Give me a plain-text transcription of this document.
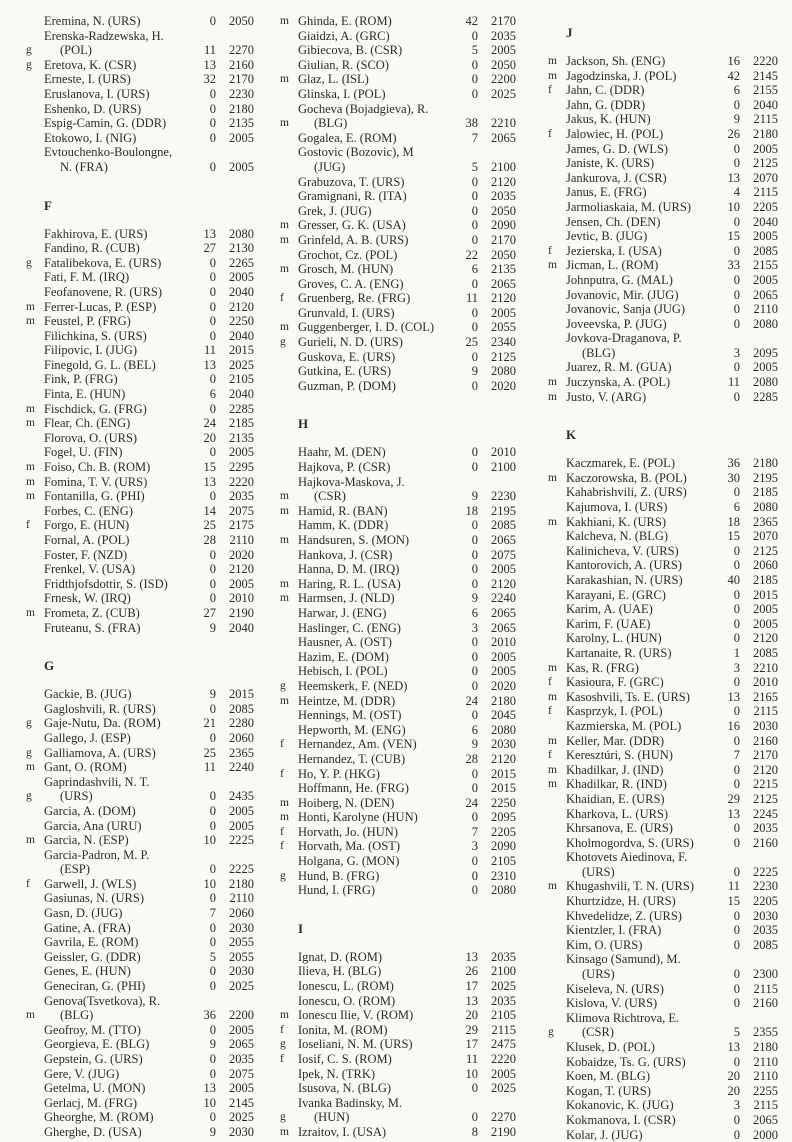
Eremina, N. (URS)	0	2050
g
Erenska-Radzewska, H.
(POL)	11	2270
g Eretova, K. (CSR)	13	2160
Erneste, I. (URS)	32	2170
Eruslanova, I. (URS)	0	2230
Eshenko, D. (URS)	0	2180
Espig-Camin, G. (DDR)	0	2135
Etokowo, I. (NIG)	0	2005
Evtouchenko-Boulongne,
N. (FRA)	0	2005
F
Fakhirova, E. (URS)	13	2080
Fandino, R. (CUB)	27	2130
g Fatalibekova, E. (URS)	0	2265
Fati, F. M. (IRQ)	0	2005
Feofanovene, R. (URS)	0	2040
m Ferrer-Lucas, P. (ESP)	0	2120
m Feustel, P. (FRG)	0	2250
Filichkina, S. (URS)	0	2040
Filipovic, I. (JUG)	11	2015
Finegold, G. L. (BEL)	13	2025
Fink, P. (FRG)	0	2105
Finta, E. (HUN)	6	2040
m Fischdick, G. (FRG)	0	2285
m Flear, Ch. (ENG)	24	2185
Florova, O. (URS)	20	2135
Fogel, U. (FIN)	0	2005
m Foiso, Ch. B. (ROM)	15	2295
m Fomina, T. V. (URS)	13	2220
m Fontanilla, G. (PHI)	0	2035
Forbes, C. (ENG)	14	2075
f	Forgo, E. (HUN)	25	2175
Fornal, A. (POL)	28	2110
Foster, F. (NZD)	0	2020
Frenkel, V. (USA)	0	2120
Fridthjofsdottir, S. (ISD)	0	2005
Frnesk, W. (IRQ)	0	2010
m Frometa, Z. (CUB)	27	2190
Fruteanu, S. (FRA)	9	2040
G
Gackie, B. (JUG)	9	2015
Gagloshvili, R. (URS)	0	2085
g Gaje-Nutu, Da. (ROM)	21	2280
Gallego, J. (ESP)	0	2060
g Galliamova, A. (URS)	25	2365
m Gant, O. (ROM)	11	2240
g
Gaprindashvili, N. T.
(URS)	0	2435
Garcia, A. (DOM)	0	2005
Garcia, Ana (URU)	0	2005
m Garcia, N. (ESP)	10	2225
Garcia-Padron, M. P.
(ESP)	0	2225
f	Garwell, J. (WLS)	10	2180
Gasiunas, N. (URS)	0	2110
Gasn, D. (JUG)	7	2060
Gatine, A. (FRA)	0	2030
Gavrila, E. (ROM)	0	2055
Geissler, G. (DDR)	5	2055
Genes, E. (HUN)	0	2030
Geneciran, G. (PHI)	0	2025
m
Genova(Tsvetkova), R.
(BLG)	36	2200
Geofroy, M. (TTO)	0	2005
Georgieva, E. (BLG)	9	2065
Gepstein, G. (URS)	0	2035
Gere, V. (JUG)	0	2075
Getelma, U. (MON)	13	2005
Gerlacj, M. (FRG)	10	2145
Gheorghe, M. (ROM)	0	2025
Gherghe, D. (USA)	9	2030
m Ghinda, E. (ROM)	42	2170
Giaidzi, A. (GRC)	0	2035
Gibiecova, B. (CSR)	5	2005
Giulian, R. (SCO)	0	2050
m Glaz, L. (ISL)	0	2200
Glinska, I. (POL)	0	2025
m
Gocheva (Bojadgieva), R.
(BLG)	38	2210
Gogalea, E. (ROM)	7	2065
Gostovic (Bozovic), M
(JUG)	5	2100
Grabuzova, T. (URS)	0	2120
Gramignani, R. (ITA)	0	2035
Grek, J. (JUG)	0	2050
m Gresser, G. K. (USA)	0	2090
m Grinfeld, A. B. (URS)	0	2170
Grochot, Cz. (POL)	22	2050
m Grosch, M. (HUN)	6	2135
Groves, C. A. (ENG)	0	2065
f	Gruenberg, Re. (FRG)	11	2120
Grunvald, I. (URS)	0	2005
m Guggenberger, I. D. (COL)	0	2055
g Gurieli, N. D. (URS)	25	2340
Guskova, E. (URS)	0	2125
Gutkina, E. (URS)	9	2080
Guzman, P. (DOM)	0	2020
H
Haahr, M. (DEN)	0	2010
Hajkova, P. (CSR)	0	2100
m
Hajkova-Maskova, J.
(CSR)	9	2230
m Hamid, R. (BAN)	18	2195
Hamm, K. (DDR)	0	2085
m Handsuren, S. (MON)	0	2065
Hankova, J. (CSR)	0	2075
Hanna, D. M. (IRQ)	0	2005
m Haring, R. L. (USA)	0	2120
m Harmsen, J. (NLD)	9	2240
Harwar, J. (ENG)	6	2065
Haslinger, C. (ENG)	3	2065
Hausner, A. (OST)	0	2010
Hazim, E. (DOM)	0	2005
Hebisch, I. (POL)	0	2005
g Heemskerk, F. (NED)	0	2020
m Heintze, M. (DDR)	24	2180
Hennings, M. (OST)	0	2045
Hepworth, M. (ENG)	6	2080
f	Hernandez, Am. (VEN)	9	2030
Hernandez, T. (CUB)	28	2120
f	Ho, Y. P. (HKG)	0	2015
Hoffmann, He. (FRG)	0	2015
m Hoiberg, N. (DEN)	24	2250
m Honti, Karolyne (HUN)	0	2095
f	Horvath, Jo. (HUN)	7	2205
f	Horvath, Ma. (OST)	3	2090
Holgana, G. (MON)	0	2105
g Hund, B. (FRG)	0	2310
Hund, I. (FRG)	0	2080
I
Ignat, D. (ROM)	13	2035
Ilieva, H. (BLG)	26	2100
Ionescu, L. (ROM)	17	2025
Ionescu, O. (ROM)	13	2035
m Ionescu Ilie, V. (ROM)	20	2105
f	Ionita, M. (ROM)	29	2115
g Ioseliani, N. M. (URS)	17	2475
f	Iosif, C. S. (ROM)	11	2220
Ipek, N. (TRK)	10	2005
Isusova, N. (BLG)	0	2025
g
Ivanka Badinsky, M.
(HUN)	0	2270
m Izraitov, I. (USA)	8	2190
J
m Jackson, Sh. (ENG)	16	2220
m Jagodzinska, J. (POL)	42	2145
f	Jahn, C. (DDR)	6	2155
Jahn, G. (DDR)	0	2040
Jakus, K. (HUN)	9	2115
f	Jalowiec, H. (POL)	26	2180
James, G. D. (WLS)	0	2005
Janiste, K. (URS)	0	2125
Jankurova, J. (CSR)	13	2070
Janus, E. (FRG)	4	2115
Jarmoliaskaia, M. (URS)	10	2205
Jensen, Ch. (DEN)	0	2040
Jevtic, B. (JUG)	15	2005
f	Jezierska, I. (USA)	0	2085
m Jicman, L. (ROM)	33	2155
Johnputra, G. (MAL)	0	2005
Jovanovic, Mir. (JUG)	0	2065
Jovanovic, Sanja (JUG)	0	2110
Joveevska, P. (JUG)	0	2080
Jovkova-Draganova, P.
(BLG)	3	2095
Juarez, R. M. (GUA)	0	2005
m Juczynska, A. (POL)	11	2080
m Justo, V. (ARG)	0	2285
K
Kaczmarek, E. (POL)	36	2180
m Kaczorowska, B. (POL)	30	2195
Kahabrishvili, Z. (URS)	0	2185
Kajumova, I. (URS)	6	2080
m Kakhiani, K. (URS)	18	2365
Kalcheva, N. (BLG)	15	2070
Kalinicheva, V. (URS)	0	2125
Kantorovich, A. (URS)	0	2060
Karakashian, N. (URS)	40	2185
Karayani, E. (GRC)	0	2015
Karim, A. (UAE)	0	2005
Karim, F. (UAE)	0	2005
Karolny, L. (HUN)	0	2120
Kartanaite, R. (URS)	1	2085
m Kas, R. (FRG)	3	2210
f	Kasioura, F. (GRC)	0	2010
m Kasoshvili, Ts. E. (URS)	13	2165
f	Kasprzyk, I. (POL)	0	2115
Kazmierska, M. (POL)	16	2030
m Keller, Mar. (DDR)	0	2160
f	Keresztúri, S. (HUN)	7	2170
m Khadilkar, J. (IND)	0	2120
m Khadilkar, R. (IND)	0	2215
Khaidian, E. (URS)	29	2125
Kharkova, L. (URS)	13	2245
Khrsanova, E. (URS)	0	2035
Kholmogordva, S. (URS)	0	2160
Khotovets Aiedinova, F.
(URS)	0	2225
m Khugashvili, T. N. (URS)	11	2230
Khurtzidze, H. (URS)	15	2205
Khvedelidze, Z. (URS)	0	2030
Kientzler, I. (FRA)	0	2035
Kim, O. (URS)	0	2085
Kinsago (Samund), M.
(URS)	0	2300
Kiseleva, N. (URS)	0	2115
Kislova, V. (URS)	0	2160
g
Klimova Richtrova, E.
(CSR)	5	2355
Klusek, D. (POL)	13	2180
Kobaidze, Ts. G. (URS)	0	2110
Koen, M. (BLG)	20	2110
Kogan, T. (URS)	20	2255
Kokanovic, K. (JUG)	3	2115
Kokmanova, I. (CSR)	0	2065
Kolar, J. (JUG)	0	2000
